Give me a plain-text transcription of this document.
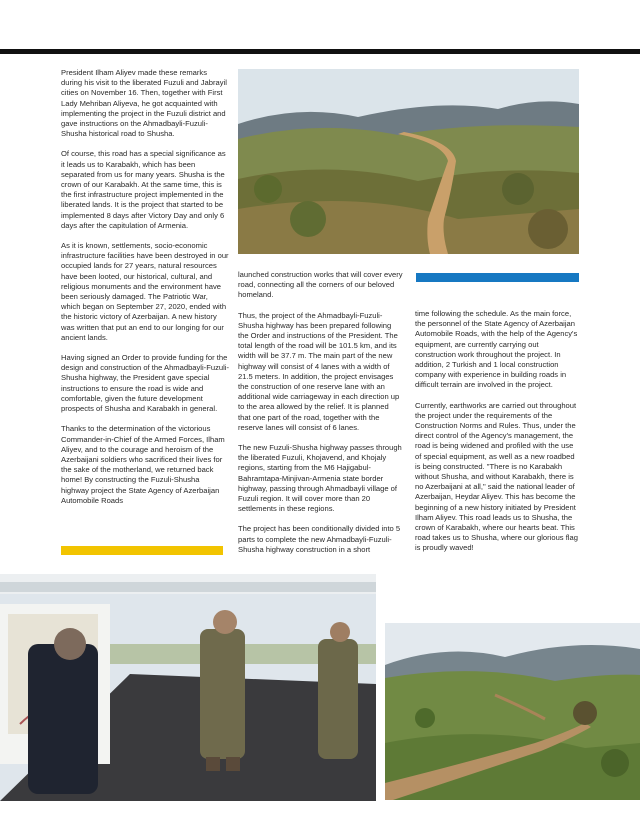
President Ilham Aliyev made these remarks during his visit to the liberated Fuzuli and Jabrayil cities on November 16. Then, together with First Lady Mehriban Aliyeva, he got acquainted with implementing the project in the Fuzuli district and gave instructions on the Ahmadbayli-Fuzuli-Shusha historical road to Shusha.

Of course, this road has a special significance as it leads us to Karabakh, which has been separated from us for many years. Shusha is the crown of our Karabakh. At the same time, this is the first infrastructure project implemented in the liberated lands. It is the project that started to be implemented 8 days after Victory Day and only 6 days after the capitulation of Armenia.

As it is known, settlements, socio-economic infrastructure facilities have been destroyed in our occupied lands for 27 years, natural resources have been looted, our historical, cultural, and religious monuments and the environment have been seriously damaged. The Patriotic War, which began on September 27, 2020, ended with the historic victory of Azerbaijan. A new history was written that put an end to our longing for our ancient lands.

Having signed an Order to provide funding for the design and construction of the Ahmadbayli-Fuzuli-Shusha highway, the President gave special instructions to ensure the road is wide and comfortable, given the future development prospects of Shusha and Karabakh in general.

Thanks to the determination of the victorious Commander-in-Chief of the Armed Forces, Ilham Aliyev, and to the courage and heroism of the Azerbaijani soldiers who sacrificed their lives for the sake of the motherland, we returned back home! By constructing the Fuzuli-Shusha highway project the State Agency of Azerbaijan Automobile Roads

launched construction works that will cover every road, connecting all the corners of our beloved homeland.

Thus, the project of the Ahmadbayli-Fuzuli-Shusha highway has been prepared following the Order and instructions of the President. The total length of the road will be 101.5 km, and its width will be 37.7 m. The main part of the new highway will consist of 4 lanes with a width of 21.5 meters. In addition, the project envisages the construction of one reserve lane with an additional wide carriageway in each direction up to the area allowed by the relief. It is planned that one part of the road, together with the reserve lanes will consist of 6 lanes.

The new Fuzuli-Shusha highway passes through the liberated Fuzuli, Khojavend, and Khojaly regions, starting from the M6 Hajigabul-Bahramtapa-Minjivan-Armenia state border highway, passing through Ahmadbayli village of Fuzuli region. It will cover more than 20 settlements in these regions.

The project has been conditionally divided into 5 parts to complete the new Ahmadbayli-Fuzuli-Shusha highway construction in a short

time following the schedule. As the main force, the personnel of the State Agency of Azerbaijan Automobile Roads, with the help of the Agency's equipment, are currently carrying out construction work throughout the project. In addition, 2 Turkish and 1 local construction company with experience in building roads in difficult terrain are involved in the project.

Currently, earthworks are carried out throughout the project under the requirements of the Construction Norms and Rules. Thus, under the direct control of the Agency's management, the road is being widened and profiled with the use of special equipment, as well as a new roadbed is being constructed. "There is no Karabakh without Shusha, and without Karabakh, there is no Azerbaijani at all," said the national leader of Azerbaijan, Heydar Aliyev. This has become the beginning of a new history initiated by President Ilham Aliyev. This road leads us to Shusha, the crown of Karabakh, where our hearts beat. This road takes us to Shusha, where our glorious flag is proudly waved!
